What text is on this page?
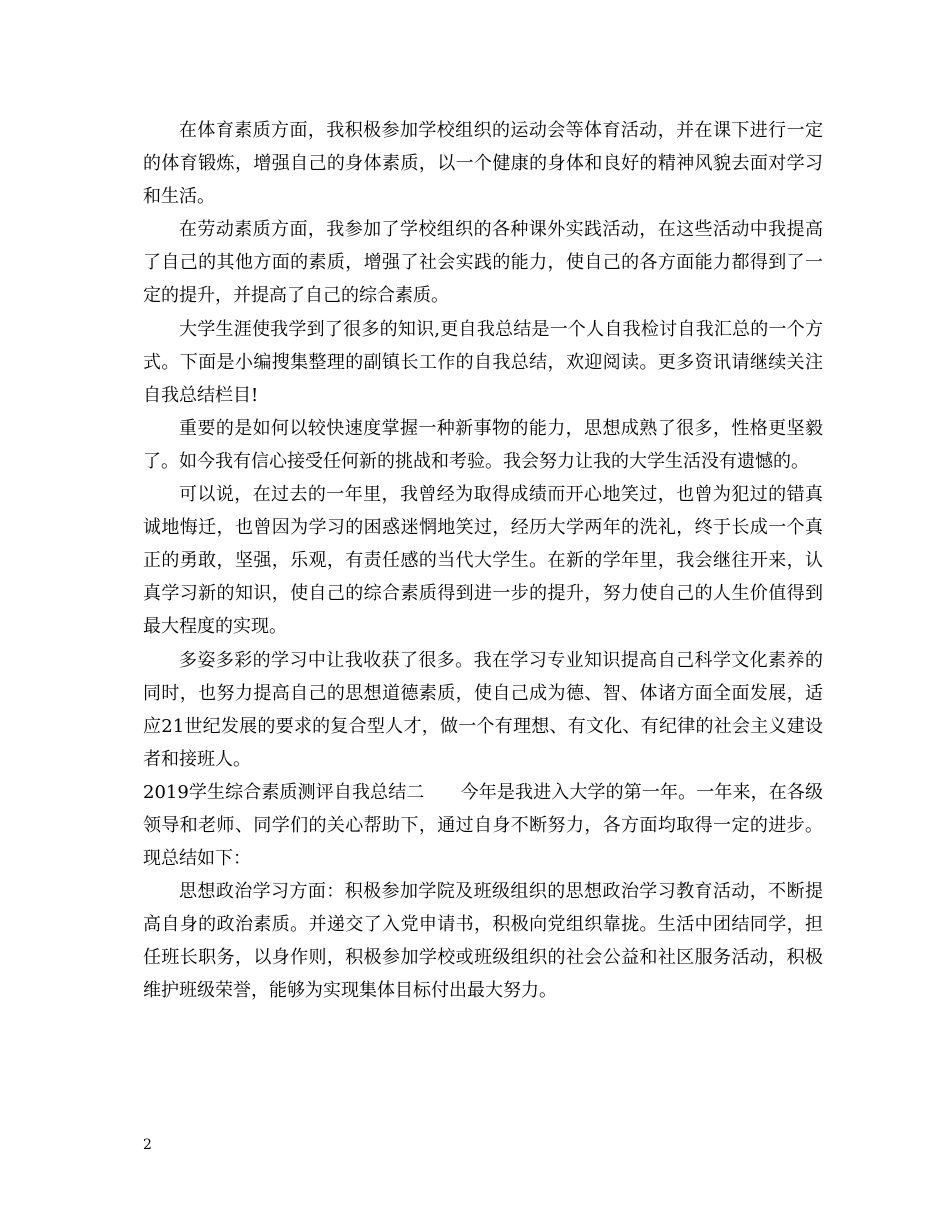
在体育素质方面，我积极参加学校组织的运动会等体育活动，并在课下进行一定的体育锻炼，增强自己的身体素质，以一个健康的身体和良好的精神风貌去面对学习和生活。

在劳动素质方面，我参加了学校组织的各种课外实践活动，在这些活动中我提高了自己的其他方面的素质，增强了社会实践的能力，使自己的各方面能力都得到了一定的提升，并提高了自己的综合素质。

大学生涯使我学到了很多的知识,更自我总结是一个人自我检讨自我汇总的一个方式。下面是小编搜集整理的副镇长工作的自我总结，欢迎阅读。更多资讯请继续关注自我总结栏目!

重要的是如何以较快速度掌握一种新事物的能力，思想成熟了很多，性格更坚毅了。如今我有信心接受任何新的挑战和考验。我会努力让我的大学生活没有遗憾的。

可以说，在过去的一年里，我曾经为取得成绩而开心地笑过，也曾为犯过的错真诚地悔迁，也曾因为学习的困惑迷惘地笑过，经历大学两年的洗礼，终于长成一个真正的勇敢，坚强，乐观，有责任感的当代大学生。在新的学年里，我会继往开来，认真学习新的知识，使自己的综合素质得到进一步的提升，努力使自己的人生价值得到最大程度的实现。

多姿多彩的学习中让我收获了很多。我在学习专业知识提高自己科学文化素养的同时，也努力提高自己的思想道德素质，使自己成为德、智、体诸方面全面发展，适应21世纪发展的要求的复合型人才，做一个有理想、有文化、有纪律的社会主义建设者和接班人。

2019学生综合素质测评自我总结二 今年是我进入大学的第一年。一年来，在各级领导和老师、同学们的关心帮助下，通过自身不断努力，各方面均取得一定的进步。现总结如下：

思想政治学习方面：积极参加学院及班级组织的思想政治学习教育活动，不断提高自身的政治素质。并递交了入党申请书，积极向党组织靠拢。生活中团结同学，担任班长职务，以身作则，积极参加学校或班级组织的社会公益和社区服务活动，积极维护班级荣誉，能够为实现集体目标付出最大努力。

2
